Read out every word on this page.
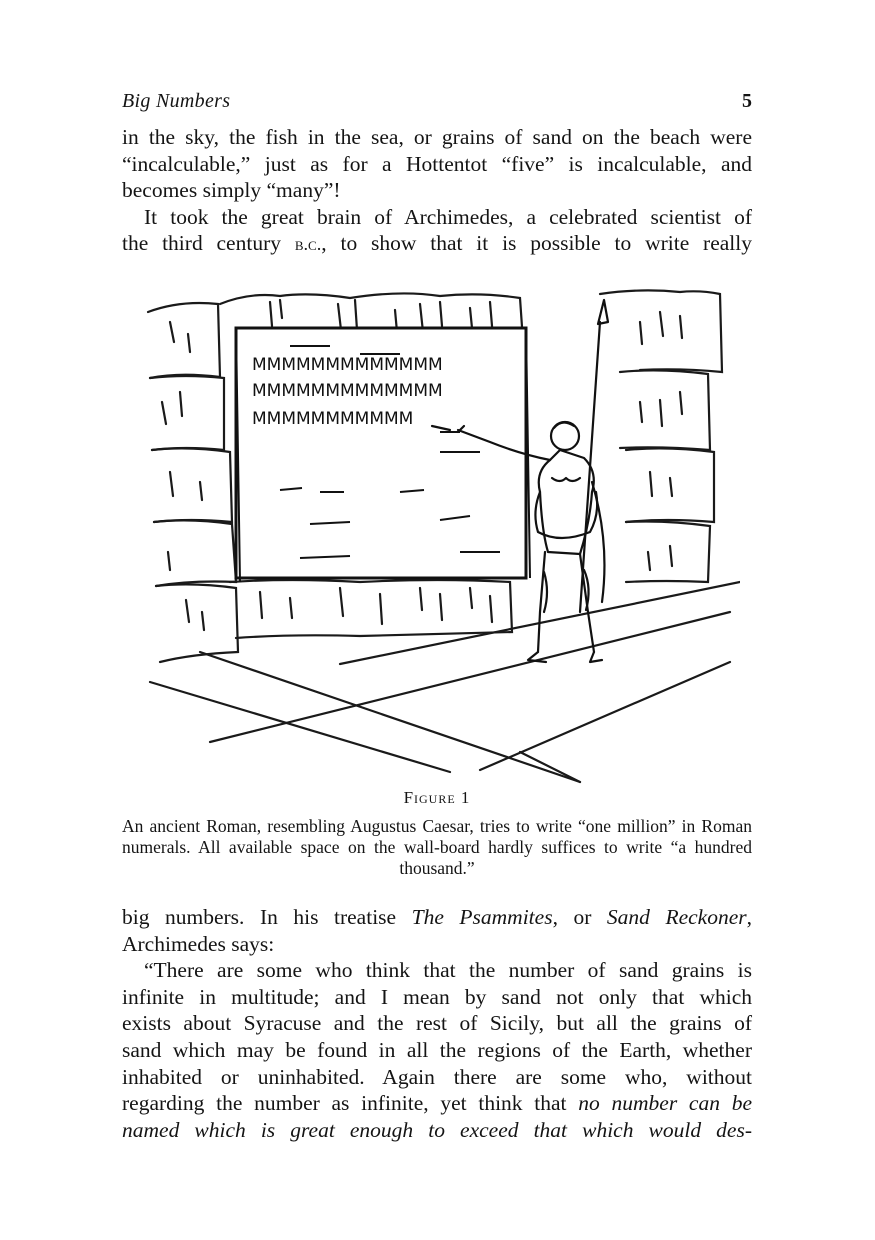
Big Numbers	5

in the sky, the fish in the sea, or grains of sand on the beach were

“incalculable,” just as for a Hottentot “five” is incalculable, and

becomes simply “many”!

It took the great brain of Archimedes, a celebrated scientist of

the third century b.c., to show that it is possible to write really

MMMMMMMMMMMMM
MMMMMMMMMMMMM
MMMMMMMMMMM
Figure 1

An ancient Roman, resembling Augustus Caesar, tries to write “one million” in Roman numerals. All available space on the wall-board hardly suffices to write “a hundred thousand.”

big numbers. In his treatise The Psammites, or Sand Reckoner,

Archimedes says:

“There are some who think that the number of sand grains is

infinite in multitude; and I mean by sand not only that which

exists about Syracuse and the rest of Sicily, but all the grains of

sand which may be found in all the regions of the Earth, whether

inhabited or uninhabited. Again there are some who, without

regarding the number as infinite, yet think that no number can be

named which is great enough to exceed that which would des-
